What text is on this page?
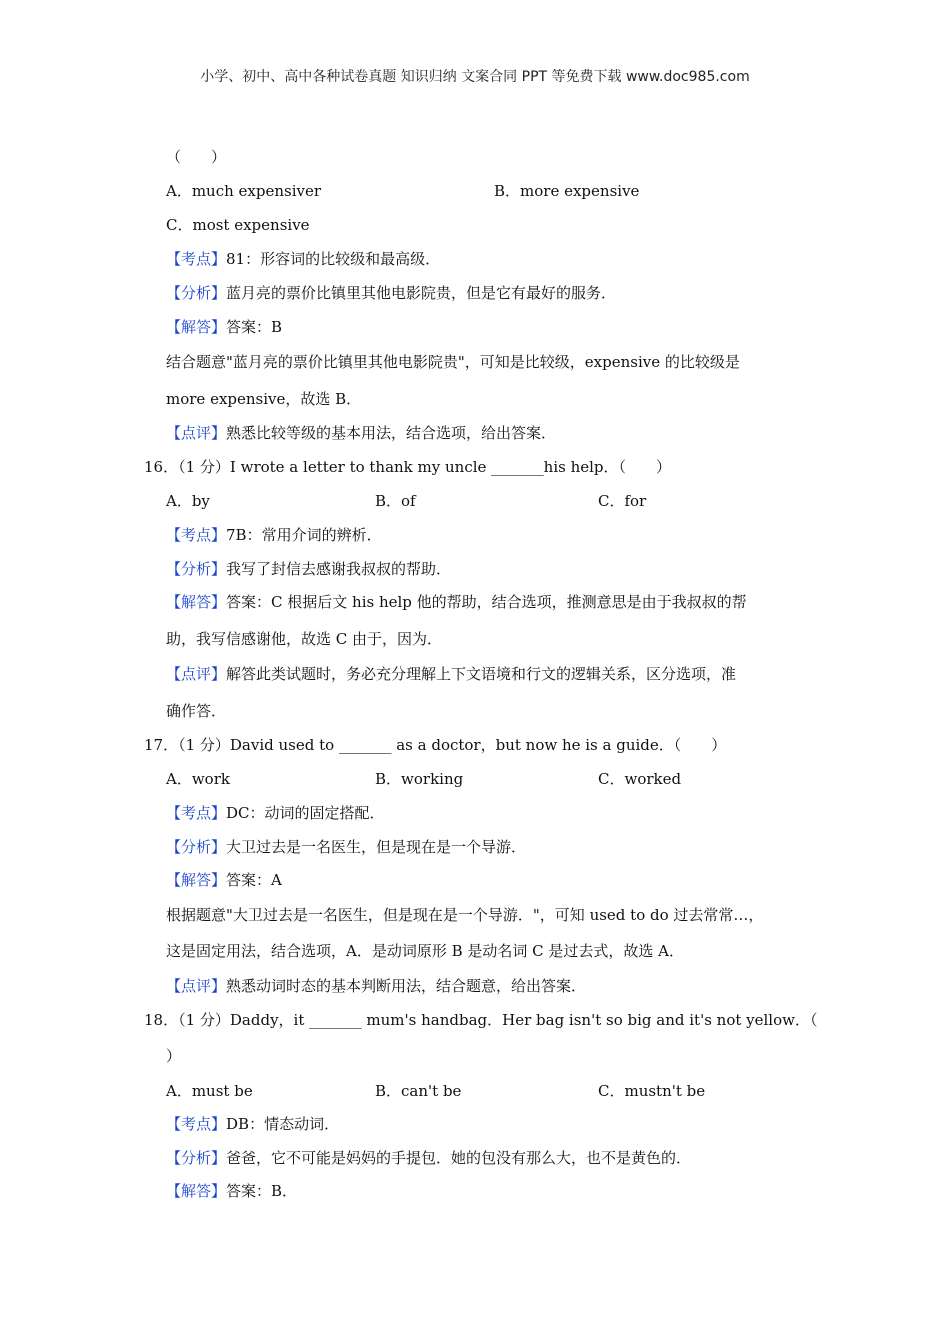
小学、初中、高中各种试卷真题 知识归纳 文案合同 PPT 等免费下载 www.doc985.com
（　　）
A．much expensiver	B．more expensive
C．most expensive
【考点】81：形容词的比较级和最高级．
【分析】蓝月亮的票价比镇里其他电影院贵，但是它有最好的服务．
【解答】答案：B
结合题意"蓝月亮的票价比镇里其他电影院贵"，可知是比较级，expensive 的比较级是
more expensive，故选 B．
【点评】熟悉比较等级的基本用法，结合选项，给出答案．
16．（1 分）I wrote a letter to thank my uncle _______his help．（　　）
A．by	B．of	C．for
【考点】7B：常用介词的辨析．
【分析】我写了封信去感谢我叔叔的帮助．
【解答】答案：C 根据后文 his help 他的帮助，结合选项，推测意思是由于我叔叔的帮
助，我写信感谢他，故选 C 由于，因为．
【点评】解答此类试题时，务必充分理解上下文语境和行文的逻辑关系，区分选项，准
确作答．
17．（1 分）David used to _______ as a doctor，but now he is a guide．（　　）
A．work	B．working	C．worked
【考点】DC：动词的固定搭配．
【分析】大卫过去是一名医生，但是现在是一个导游．
【解答】答案：A
根据题意"大卫过去是一名医生，但是现在是一个导游．"，可知 used to do 过去常常…，
这是固定用法，结合选项，A．是动词原形 B 是动名词 C 是过去式，故选 A．
【点评】熟悉动词时态的基本判断用法，结合题意，给出答案．
18．（1 分）Daddy，it _______ mum's handbag．Her bag isn't so big and it's not yellow．（
）
A．must be	B．can't be	C．mustn't be
【考点】DB：情态动词．
【分析】爸爸，它不可能是妈妈的手提包．她的包没有那么大，也不是黄色的．
【解答】答案：B．
